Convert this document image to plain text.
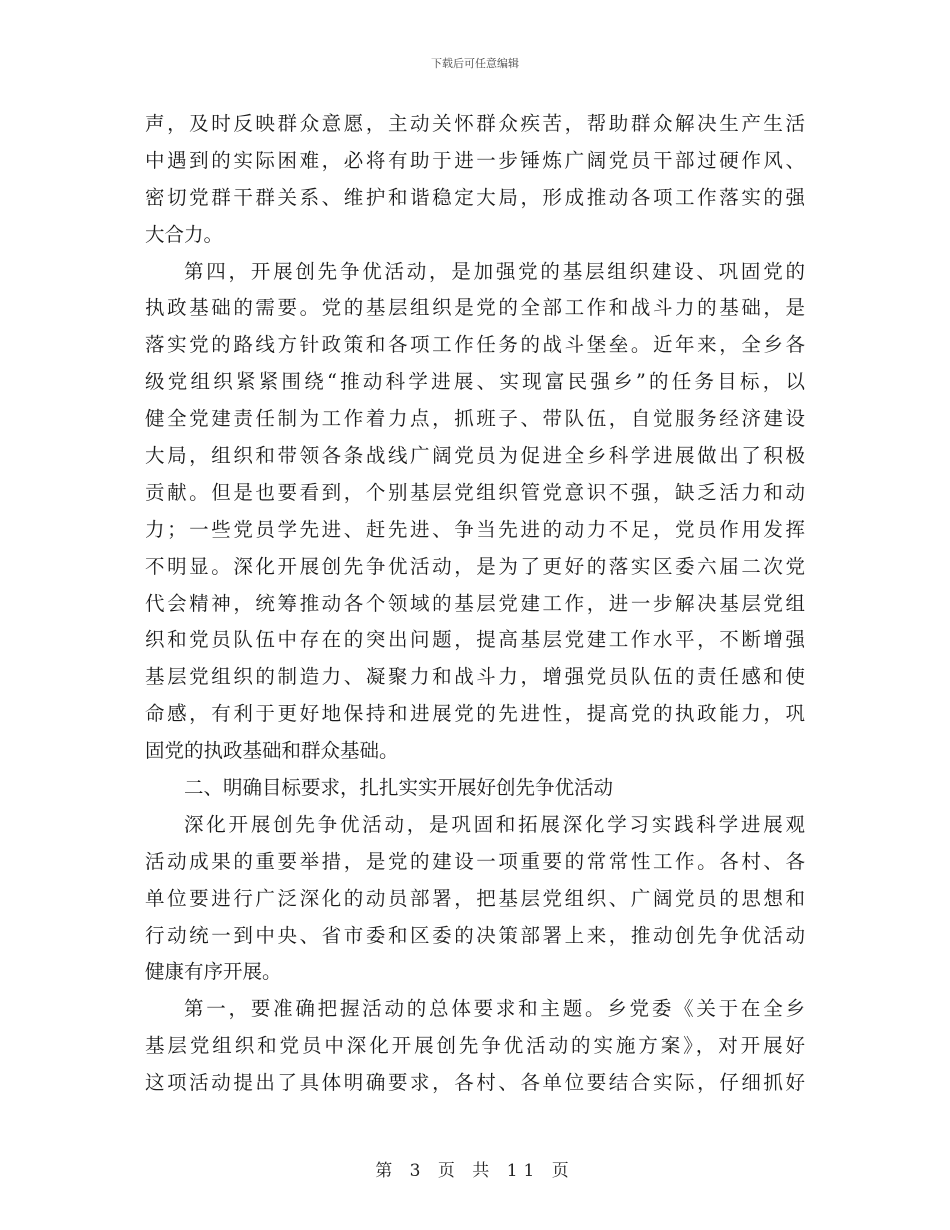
下载后可任意编辑
声，及时反映群众意愿，主动关怀群众疾苦，帮助群众解决生产生活
中遇到的实际困难，必将有助于进一步锤炼广阔党员干部过硬作风、
密切党群干群关系、维护和谐稳定大局，形成推动各项工作落实的强
大合力。
第四，开展创先争优活动，是加强党的基层组织建设、巩固党的
执政基础的需要。党的基层组织是党的全部工作和战斗力的基础，是
落实党的路线方针政策和各项工作任务的战斗堡垒。近年来，全乡各
级党组织紧紧围绕“推动科学进展、实现富民强乡”的任务目标，以
健全党建责任制为工作着力点，抓班子、带队伍，自觉服务经济建设
大局，组织和带领各条战线广阔党员为促进全乡科学进展做出了积极
贡献。但是也要看到，个别基层党组织管党意识不强，缺乏活力和动
力；一些党员学先进、赶先进、争当先进的动力不足，党员作用发挥
不明显。深化开展创先争优活动，是为了更好的落实区委六届二次党
代会精神，统筹推动各个领域的基层党建工作，进一步解决基层党组
织和党员队伍中存在的突出问题，提高基层党建工作水平，不断增强
基层党组织的制造力、凝聚力和战斗力，增强党员队伍的责任感和使
命感，有利于更好地保持和进展党的先进性，提高党的执政能力，巩
固党的执政基础和群众基础。
二、明确目标要求，扎扎实实开展好创先争优活动
深化开展创先争优活动，是巩固和拓展深化学习实践科学进展观
活动成果的重要举措，是党的建设一项重要的常常性工作。各村、各
单位要进行广泛深化的动员部署，把基层党组织、广阔党员的思想和
行动统一到中央、省市委和区委的决策部署上来，推动创先争优活动
健康有序开展。
第一，要准确把握活动的总体要求和主题。乡党委《关于在全乡
基层党组织和党员中深化开展创先争优活动的实施方案》，对开展好
这项活动提出了具体明确要求，各村、各单位要结合实际，仔细抓好
第 3 页 共 11 页
